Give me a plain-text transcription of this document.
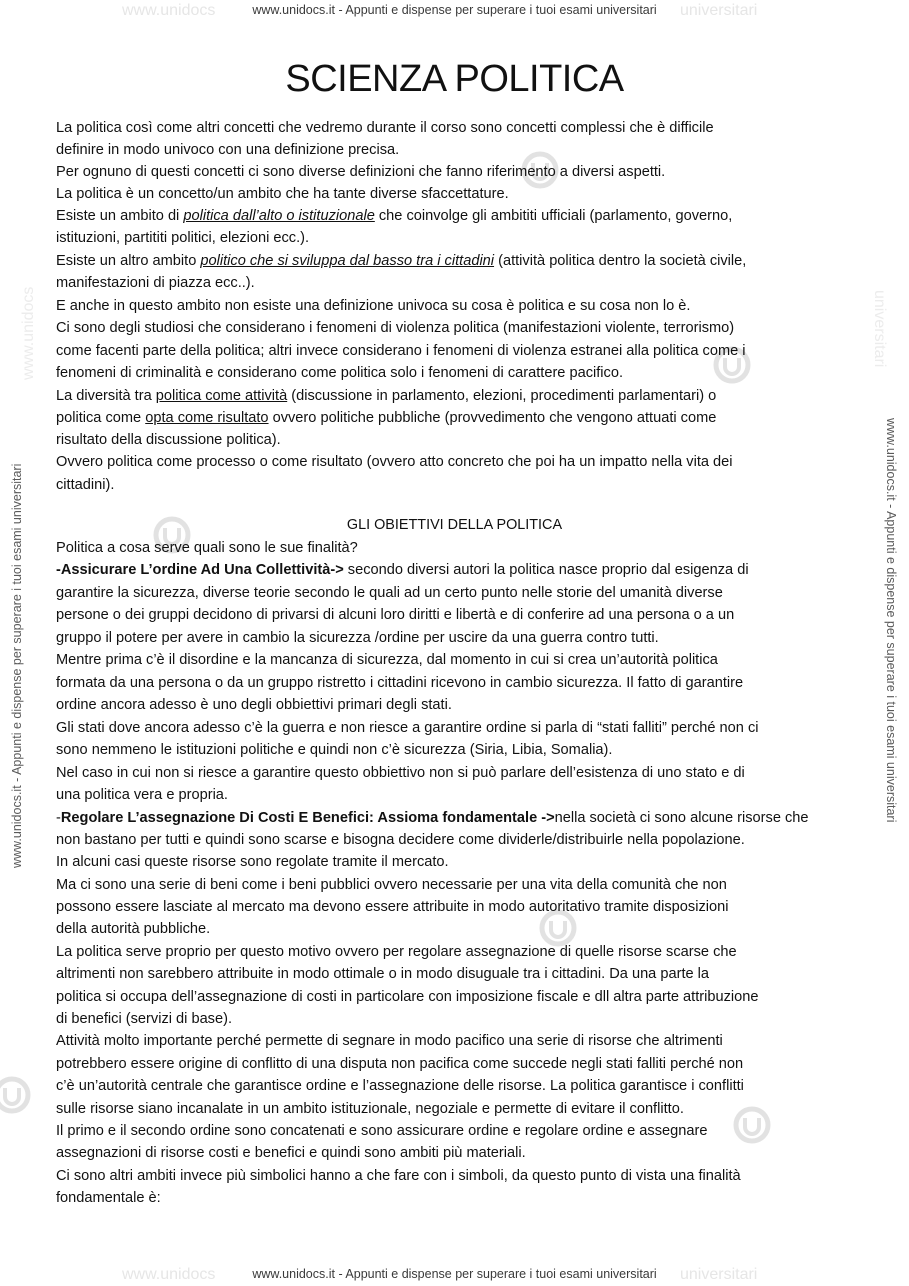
www.unidocs	universitari
www.unidocs	universitari
www.unidocs.it - Appunti e dispense per superare i tuoi esami universitari
www.unidocs.it - Appunti e dispense per superare i tuoi esami universitari
www.unidocs.it - Appunti e dispense per superare i tuoi esami universitari	www.unidocs.it - Appunti e dispense per superare i tuoi esami universitari
www.unidocs	universitari
SCIENZA POLITICA
La politica così come altri concetti che vedremo durante il corso sono concetti complessi che è difficile
definire in modo univoco con una definizione precisa.
Per ognuno di questi concetti ci sono diverse definizioni che fanno riferimento a diversi aspetti.
La politica è un concetto/un ambito che ha tante diverse sfaccettature.
Esiste un ambito di politica dall’alto o istituzionale che coinvolge gli ambititi ufficiali (parlamento, governo,
istituzioni, partititi politici, elezioni ecc.).
Esiste un altro ambito politico che si sviluppa dal basso tra i cittadini (attività politica dentro la società civile,
manifestazioni di piazza ecc..).
E anche in questo ambito non esiste una definizione univoca su cosa è politica e su cosa non lo è.
Ci sono degli studiosi che considerano i fenomeni di violenza politica (manifestazioni violente, terrorismo)
come facenti parte della politica; altri invece considerano i fenomeni di violenza estranei alla politica come i
fenomeni di criminalità e considerano come politica solo i fenomeni di carattere pacifico.
La diversità tra politica come attività (discussione in parlamento, elezioni, procedimenti parlamentari) o
politica come opta come risultato ovvero politiche pubbliche (provvedimento che vengono attuati come
risultato della discussione politica).
Ovvero politica come processo o come risultato (ovvero atto concreto che poi ha un impatto nella vita dei
cittadini).
GLI OBIETTIVI DELLA POLITICA
Politica a cosa serve quali sono le sue finalità?
-Assicurare L’ordine Ad Una Collettività-> secondo diversi autori la politica nasce proprio dal esigenza di
garantire la sicurezza, diverse teorie secondo le quali ad un certo punto nelle storie del umanità diverse
persone o dei gruppi decidono di privarsi di alcuni loro diritti e libertà e di conferire ad una persona o a un
gruppo il potere per avere in cambio la sicurezza /ordine per uscire da una guerra contro tutti.
Mentre prima c’è il disordine e la mancanza di sicurezza, dal momento in cui si crea un’autorità politica
formata da una persona o da un gruppo ristretto i cittadini ricevono in cambio sicurezza. Il fatto di garantire
ordine ancora adesso è uno degli obbiettivi primari degli stati.
Gli stati dove ancora adesso c’è la guerra e non riesce a garantire ordine si parla di “stati falliti” perché non ci
sono nemmeno le istituzioni politiche e quindi non c’è sicurezza (Siria, Libia, Somalia).
Nel caso in cui non si riesce a garantire questo obbiettivo non si può parlare dell’esistenza di uno stato e di
una politica vera e propria.
-Regolare L’assegnazione Di Costi E Benefici: Assioma fondamentale ->nella società ci sono alcune risorse che
non bastano per tutti e quindi sono scarse e bisogna decidere come dividerle/distribuirle nella popolazione.
In alcuni casi queste risorse sono regolate tramite il mercato.
Ma ci sono una serie di beni come i beni pubblici ovvero necessarie per una vita della comunità che non
possono essere lasciate al mercato ma devono essere attribuite in modo autoritativo tramite disposizioni
della autorità pubbliche.
La politica serve proprio per questo motivo ovvero per regolare assegnazione di quelle risorse scarse che
altrimenti non sarebbero attribuite in modo ottimale o in modo disuguale tra i cittadini. Da una parte la
politica si occupa dell’assegnazione di costi in particolare con imposizione fiscale e dll altra parte attribuzione
di benefici (servizi di base).
Attività molto importante perché permette di segnare in modo pacifico una serie di risorse che altrimenti
potrebbero essere origine di conflitto di una disputa non pacifica come succede negli stati falliti perché non
c’è un’autorità centrale che garantisce ordine e l’assegnazione delle risorse. La politica garantisce i conflitti
sulle risorse siano incanalate in un ambito istituzionale, negoziale e permette di evitare il conflitto.
Il primo e il secondo ordine sono concatenati e sono assicurare ordine e regolare ordine e assegnare
assegnazioni di risorse costi e benefici e quindi sono ambiti più materiali.
Ci sono altri ambiti invece più simbolici hanno a che fare con i simboli, da questo punto di vista una finalità
fondamentale è:
